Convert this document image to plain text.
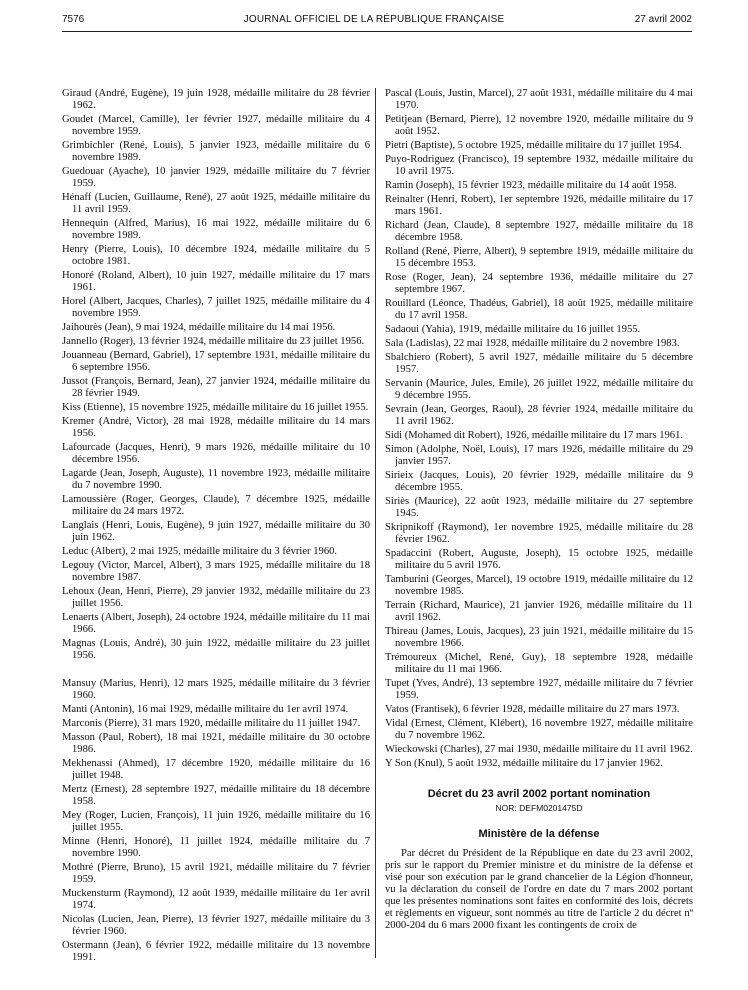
7576	JOURNAL OFFICIEL DE LA RÉPUBLIQUE FRANÇAISE	27 avril 2002

Giraud (André, Eugène), 19 juin 1928, médaille militaire du 28 février 1962.

Goudet (Marcel, Camille), 1er février 1927, médaille militaire du 4 novembre 1959.

Grimbichler (René, Louis), 5 janvier 1923, médaille militaire du 6 novembre 1989.

Guedouar (Ayache), 10 janvier 1929, médaille militaire du 7 février 1959.

Hénaff (Lucien, Guillaume, René), 27 août 1925, médaille militaire du 11 avril 1959.

Hennequin (Alfred, Marius), 16 mai 1922, médaille militaire du 6 novembre 1989.

Henry (Pierre, Louis), 10 décembre 1924, médaille militaire du 5 octobre 1981.

Honoré (Roland, Albert), 10 juin 1927, médaille militaire du 17 mars 1961.

Horel (Albert, Jacques, Charles), 7 juillet 1925, médaille militaire du 4 novembre 1959.

Jaihourès (Jean), 9 mai 1924, médaille militaire du 14 mai 1956.

Jannello (Roger), 13 février 1924, médaille militaire du 23 juillet 1956.

Jouanneau (Bernard, Gabriel), 17 septembre 1931, médaille militaire du 6 septembre 1956.

Jussot (François, Bernard, Jean), 27 janvier 1924, médaille militaire du 28 février 1949.

Kiss (Etienne), 15 novembre 1925, médaille militaire du 16 juillet 1955.

Kremer (André, Victor), 28 mai 1928, médaille militaire du 14 mars 1956.

Lafourcade (Jacques, Henri), 9 mars 1926, médaille militaire du 10 décembre 1956.

Lagarde (Jean, Joseph, Auguste), 11 novembre 1923, médaille militaire du 7 novembre 1990.

Lamoussière (Roger, Georges, Claude), 7 décembre 1925, médaille militaire du 24 mars 1972.

Langlais (Henri, Louis, Eugène), 9 juin 1927, médaille militaire du 30 juin 1962.

Leduc (Albert), 2 mai 1925, médaille militaire du 3 février 1960.

Legouy (Victor, Marcel, Albert), 3 mars 1925, médaille militaire du 18 novembre 1987.

Lehoux (Jean, Henri, Pierre), 29 janvier 1932, médaille militaire du 23 juillet 1956.

Lenaerts (Albert, Joseph), 24 octobre 1924, médaille militaire du 11 mai 1966.

Magnas (Louis, André), 30 juin 1922, médaille militaire du 23 juillet 1956.

Mansuy (Marius, Henri), 12 mars 1925, médaille militaire du 3 février 1960.

Manti (Antonin), 16 mai 1929, médaille militaire du 1er avril 1974.

Marconis (Pierre), 31 mars 1920, médaille militaire du 11 juillet 1947.

Masson (Paul, Robert), 18 mai 1921, médaille militaire du 30 octobre 1986.

Mekhenassi (Ahmed), 17 décembre 1920, médaille militaire du 16 juillet 1948.

Mertz (Ernest), 28 septembre 1927, médaille militaire du 18 décembre 1958.

Mey (Roger, Lucien, François), 11 juin 1926, médaille militaire du 16 juillet 1955.

Minne (Henri, Honoré), 11 juillet 1924, médaille militaire du 7 novembre 1990.

Mothré (Pierre, Bruno), 15 avril 1921, médaille militaire du 7 février 1959.

Muckensturm (Raymond), 12 août 1939, médaille militaire du 1er avril 1974.

Nicolas (Lucien, Jean, Pierre), 13 février 1927, médaille militaire du 3 février 1960.

Ostermann (Jean), 6 février 1922, médaille militaire du 13 novembre 1991.

Pascal (Louis, Justin, Marcel), 27 août 1931, médaille militaire du 4 mai 1970.

Petitjean (Bernard, Pierre), 12 novembre 1920, médaille militaire du 9 août 1952.

Pietri (Baptiste), 5 octobre 1925, médaille militaire du 17 juillet 1954.

Puyo-Rodriguez (Francisco), 19 septembre 1932, médaille militaire du 10 avril 1975.

Ramin (Joseph), 15 février 1923, médaille militaire du 14 août 1958.

Reinalter (Henri, Robert), 1er septembre 1926, médaille militaire du 17 mars 1961.

Richard (Jean, Claude), 8 septembre 1927, médaille militaire du 18 décembre 1958.

Rolland (René, Pierre, Albert), 9 septembre 1919, médaille militaire du 15 décembre 1953.

Rose (Roger, Jean), 24 septembre 1936, médaille militaire du 27 septembre 1967.

Rouillard (Léonce, Thadéus, Gabriel), 18 août 1925, médaille militaire du 17 avril 1958.

Sadaoui (Yahia), 1919, médaille militaire du 16 juillet 1955.

Sala (Ladislas), 22 mai 1928, médaille militaire du 2 novembre 1983.

Sbalchiero (Robert), 5 avril 1927, médaille militaire du 5 décembre 1957.

Servanin (Maurice, Jules, Emile), 26 juillet 1922, médaille militaire du 9 décembre 1955.

Sevrain (Jean, Georges, Raoul), 28 février 1924, médaille militaire du 11 avril 1962.

Sidi (Mohamed dit Robert), 1926, médaille militaire du 17 mars 1961.

Simon (Adolphe, Noël, Louis), 17 mars 1926, médaille militaire du 29 janvier 1957.

Sirieix (Jacques, Louis), 20 février 1929, médaille militaire du 9 décembre 1955.

Siriès (Maurice), 22 août 1923, médaille militaire du 27 septembre 1945.

Skripnikoff (Raymond), 1er novembre 1925, médaille militaire du 28 février 1962.

Spadaccini (Robert, Auguste, Joseph), 15 octobre 1925, médaille militaire du 5 avril 1976.

Tamburini (Georges, Marcel), 19 octobre 1919, médaille militaire du 12 novembre 1985.

Terrain (Richard, Maurice), 21 janvier 1926, médaille militaire du 11 avril 1962.

Thireau (James, Louis, Jacques), 23 juin 1921, médaille militaire du 15 novembre 1966.

Trémoureux (Michel, René, Guy), 18 septembre 1928, médaille militaire du 11 mai 1966.

Tupet (Yves, André), 13 septembre 1927, médaille militaire du 7 février 1959.

Vatos (Frantisek), 6 février 1928, médaille militaire du 27 mars 1973.

Vidal (Ernest, Clément, Klébert), 16 novembre 1927, médaille militaire du 7 novembre 1962.

Wieckowski (Charles), 27 mai 1930, médaille militaire du 11 avril 1962.

Y Son (Knul), 5 août 1932, médaille militaire du 17 janvier 1962.

Décret du 23 avril 2002 portant nomination
NOR: DEFM0201475D
Ministère de la défense
Par décret du Président de la République en date du 23 avril 2002, pris sur le rapport du Premier ministre et du ministre de la défense et visé pour son exécution par le grand chancelier de la Légion d'honneur, vu la déclaration du conseil de l'ordre en date du 7 mars 2002 portant que les présentes nominations sont faites en conformité des lois, décrets et règlements en vigueur, sont nommés au titre de l'article 2 du décret nº 2000-204 du 6 mars 2000 fixant les contingents de croix de
